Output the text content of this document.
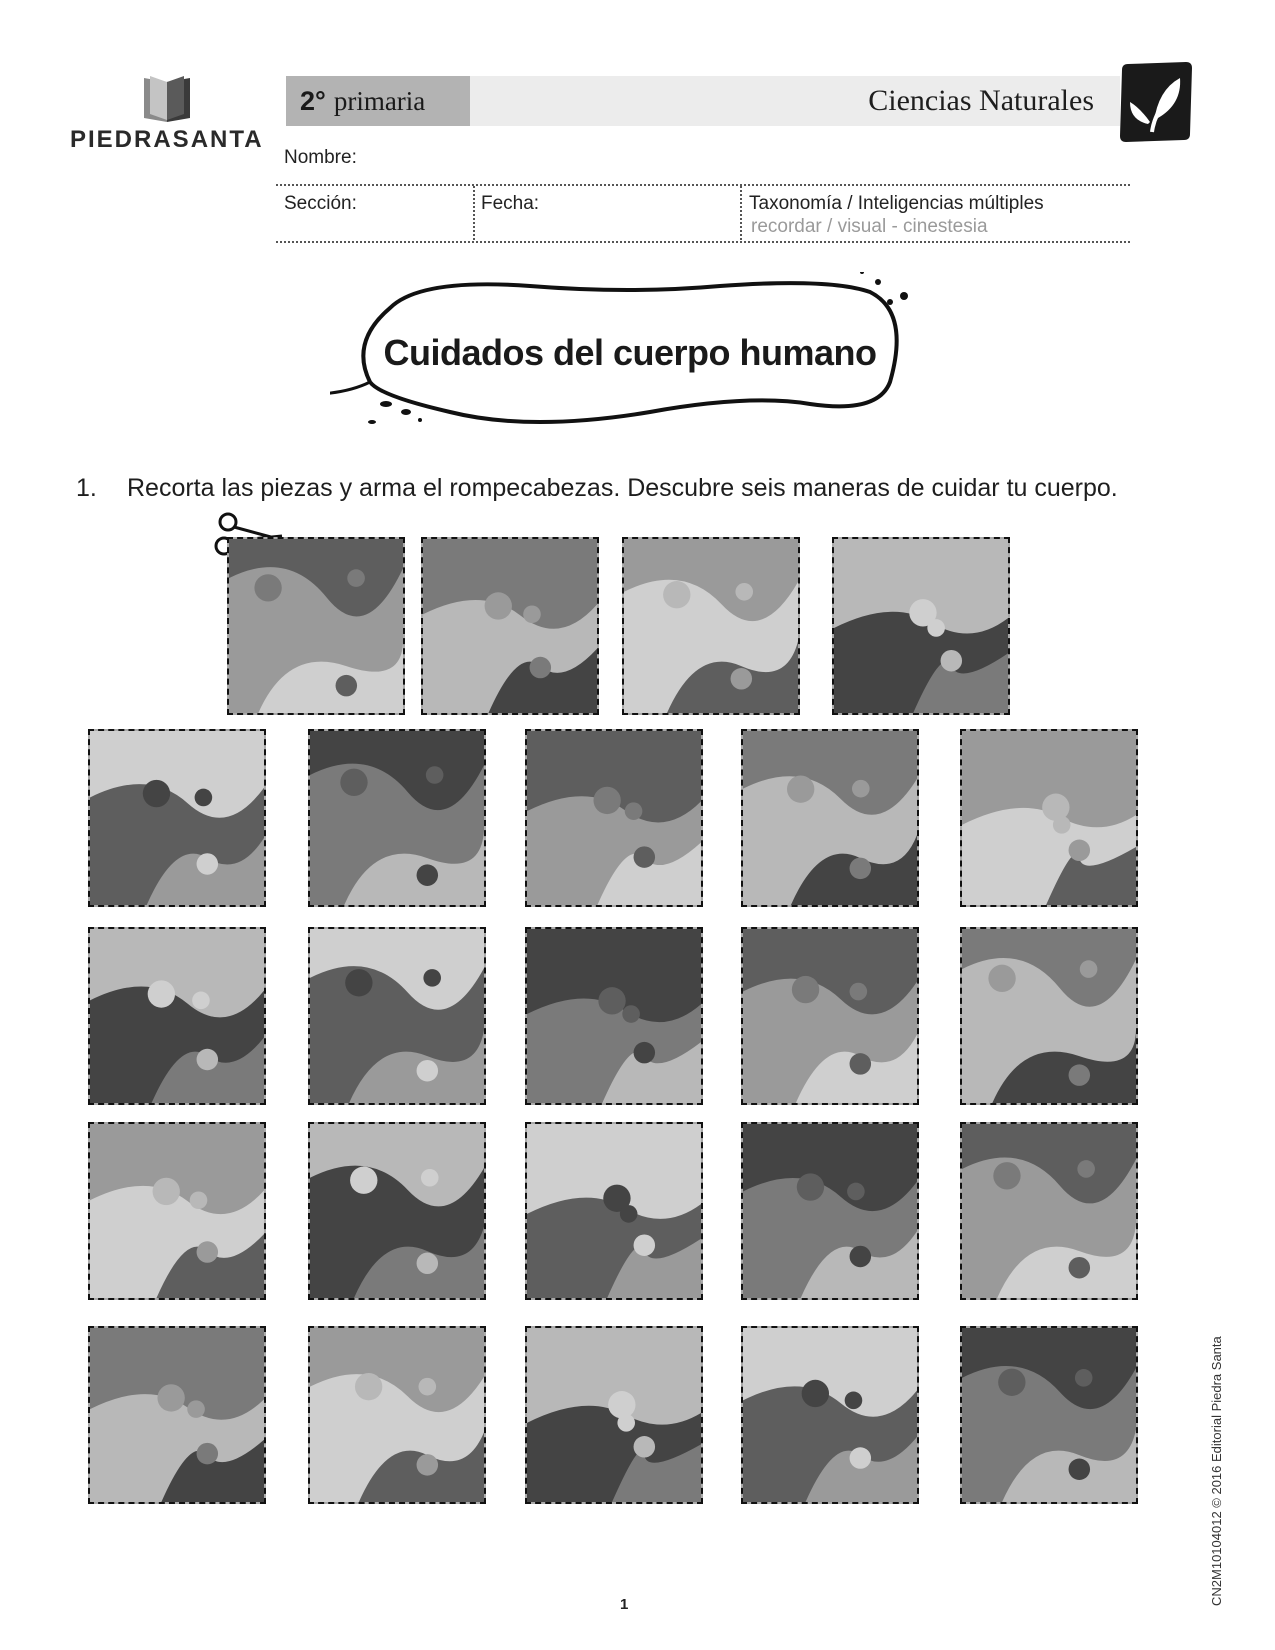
PIEDRASANTA
2° primaria	Ciencias Naturales
Nombre:
Sección:	Fecha:	Taxonomía / Inteligencias múltiples
recordar / visual - cinestesia
Cuidados del cuerpo humano
1. Recorta las piezas y arma el rompecabezas. Descubre seis maneras de cuidar tu cuerpo.
1	CN2M10104012 © 2016 Editorial Piedra Santa
